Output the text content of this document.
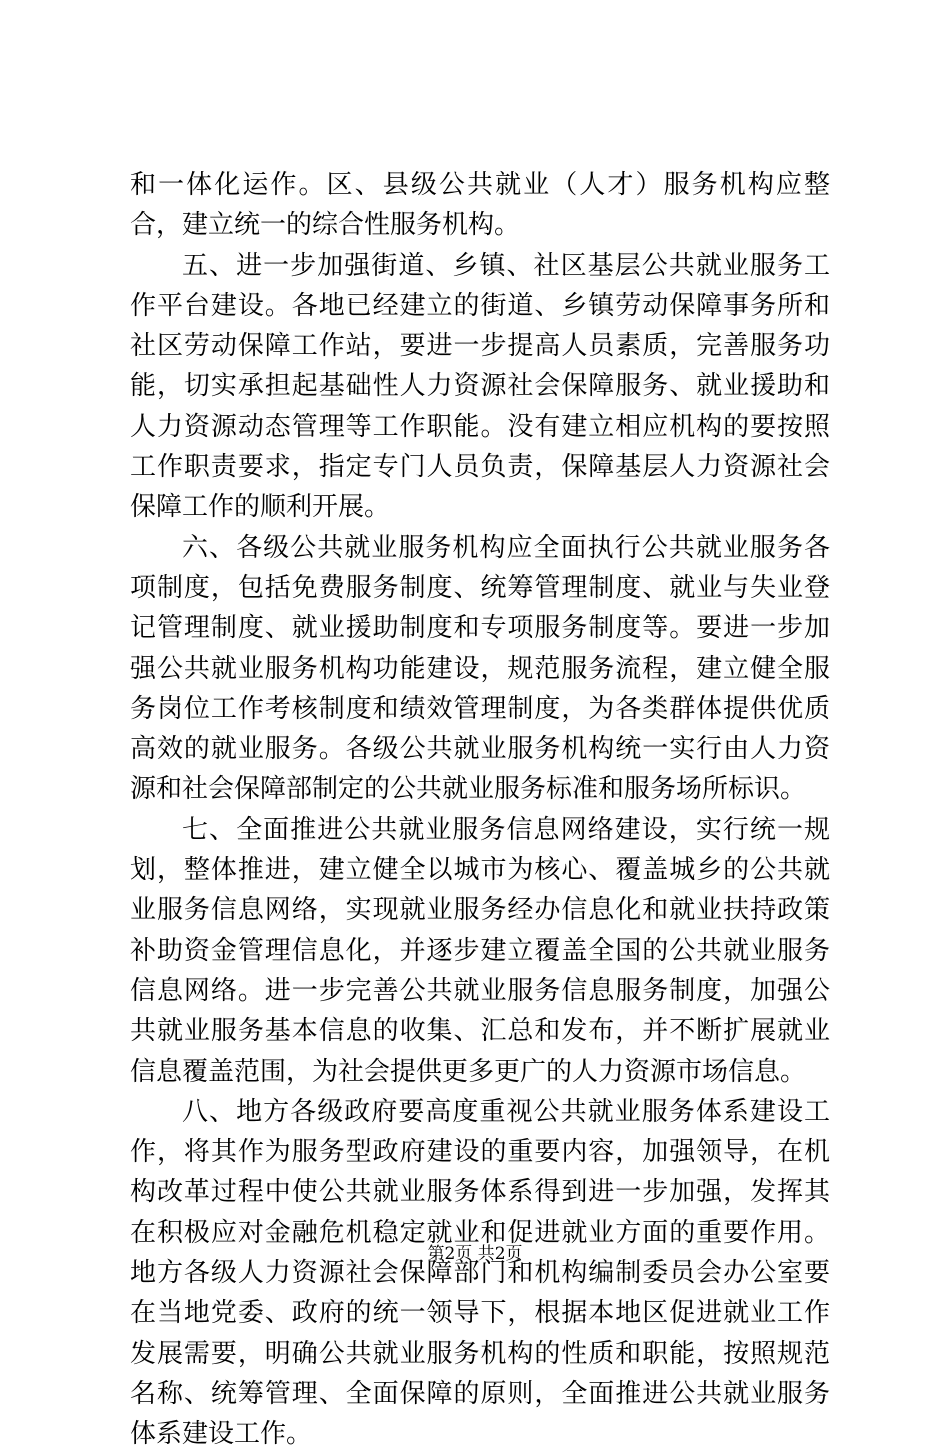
和一体化运作。区、县级公共就业（人才）服务机构应整合，建立统一的综合性服务机构。

五、进一步加强街道、乡镇、社区基层公共就业服务工作平台建设。各地已经建立的街道、乡镇劳动保障事务所和社区劳动保障工作站，要进一步提高人员素质，完善服务功能，切实承担起基础性人力资源社会保障服务、就业援助和人力资源动态管理等工作职能。没有建立相应机构的要按照工作职责要求，指定专门人员负责，保障基层人力资源社会保障工作的顺利开展。

六、各级公共就业服务机构应全面执行公共就业服务各项制度，包括免费服务制度、统筹管理制度、就业与失业登记管理制度、就业援助制度和专项服务制度等。要进一步加强公共就业服务机构功能建设，规范服务流程，建立健全服务岗位工作考核制度和绩效管理制度，为各类群体提供优质高效的就业服务。各级公共就业服务机构统一实行由人力资源和社会保障部制定的公共就业服务标准和服务场所标识。

七、全面推进公共就业服务信息网络建设，实行统一规划，整体推进，建立健全以城市为核心、覆盖城乡的公共就业服务信息网络，实现就业服务经办信息化和就业扶持政策补助资金管理信息化，并逐步建立覆盖全国的公共就业服务信息网络。进一步完善公共就业服务信息服务制度，加强公共就业服务基本信息的收集、汇总和发布，并不断扩展就业信息覆盖范围，为社会提供更多更广的人力资源市场信息。

八、地方各级政府要高度重视公共就业服务体系建设工作，将其作为服务型政府建设的重要内容，加强领导，在机构改革过程中使公共就业服务体系得到进一步加强，发挥其在积极应对金融危机稳定就业和促进就业方面的重要作用。地方各级人力资源社会保障部门和机构编制委员会办公室要在当地党委、政府的统一领导下，根据本地区促进就业工作发展需要，明确公共就业服务机构的性质和职能，按照规范名称、统筹管理、全面保障的原则，全面推进公共就业服务体系建设工作。

第2页 共2页
